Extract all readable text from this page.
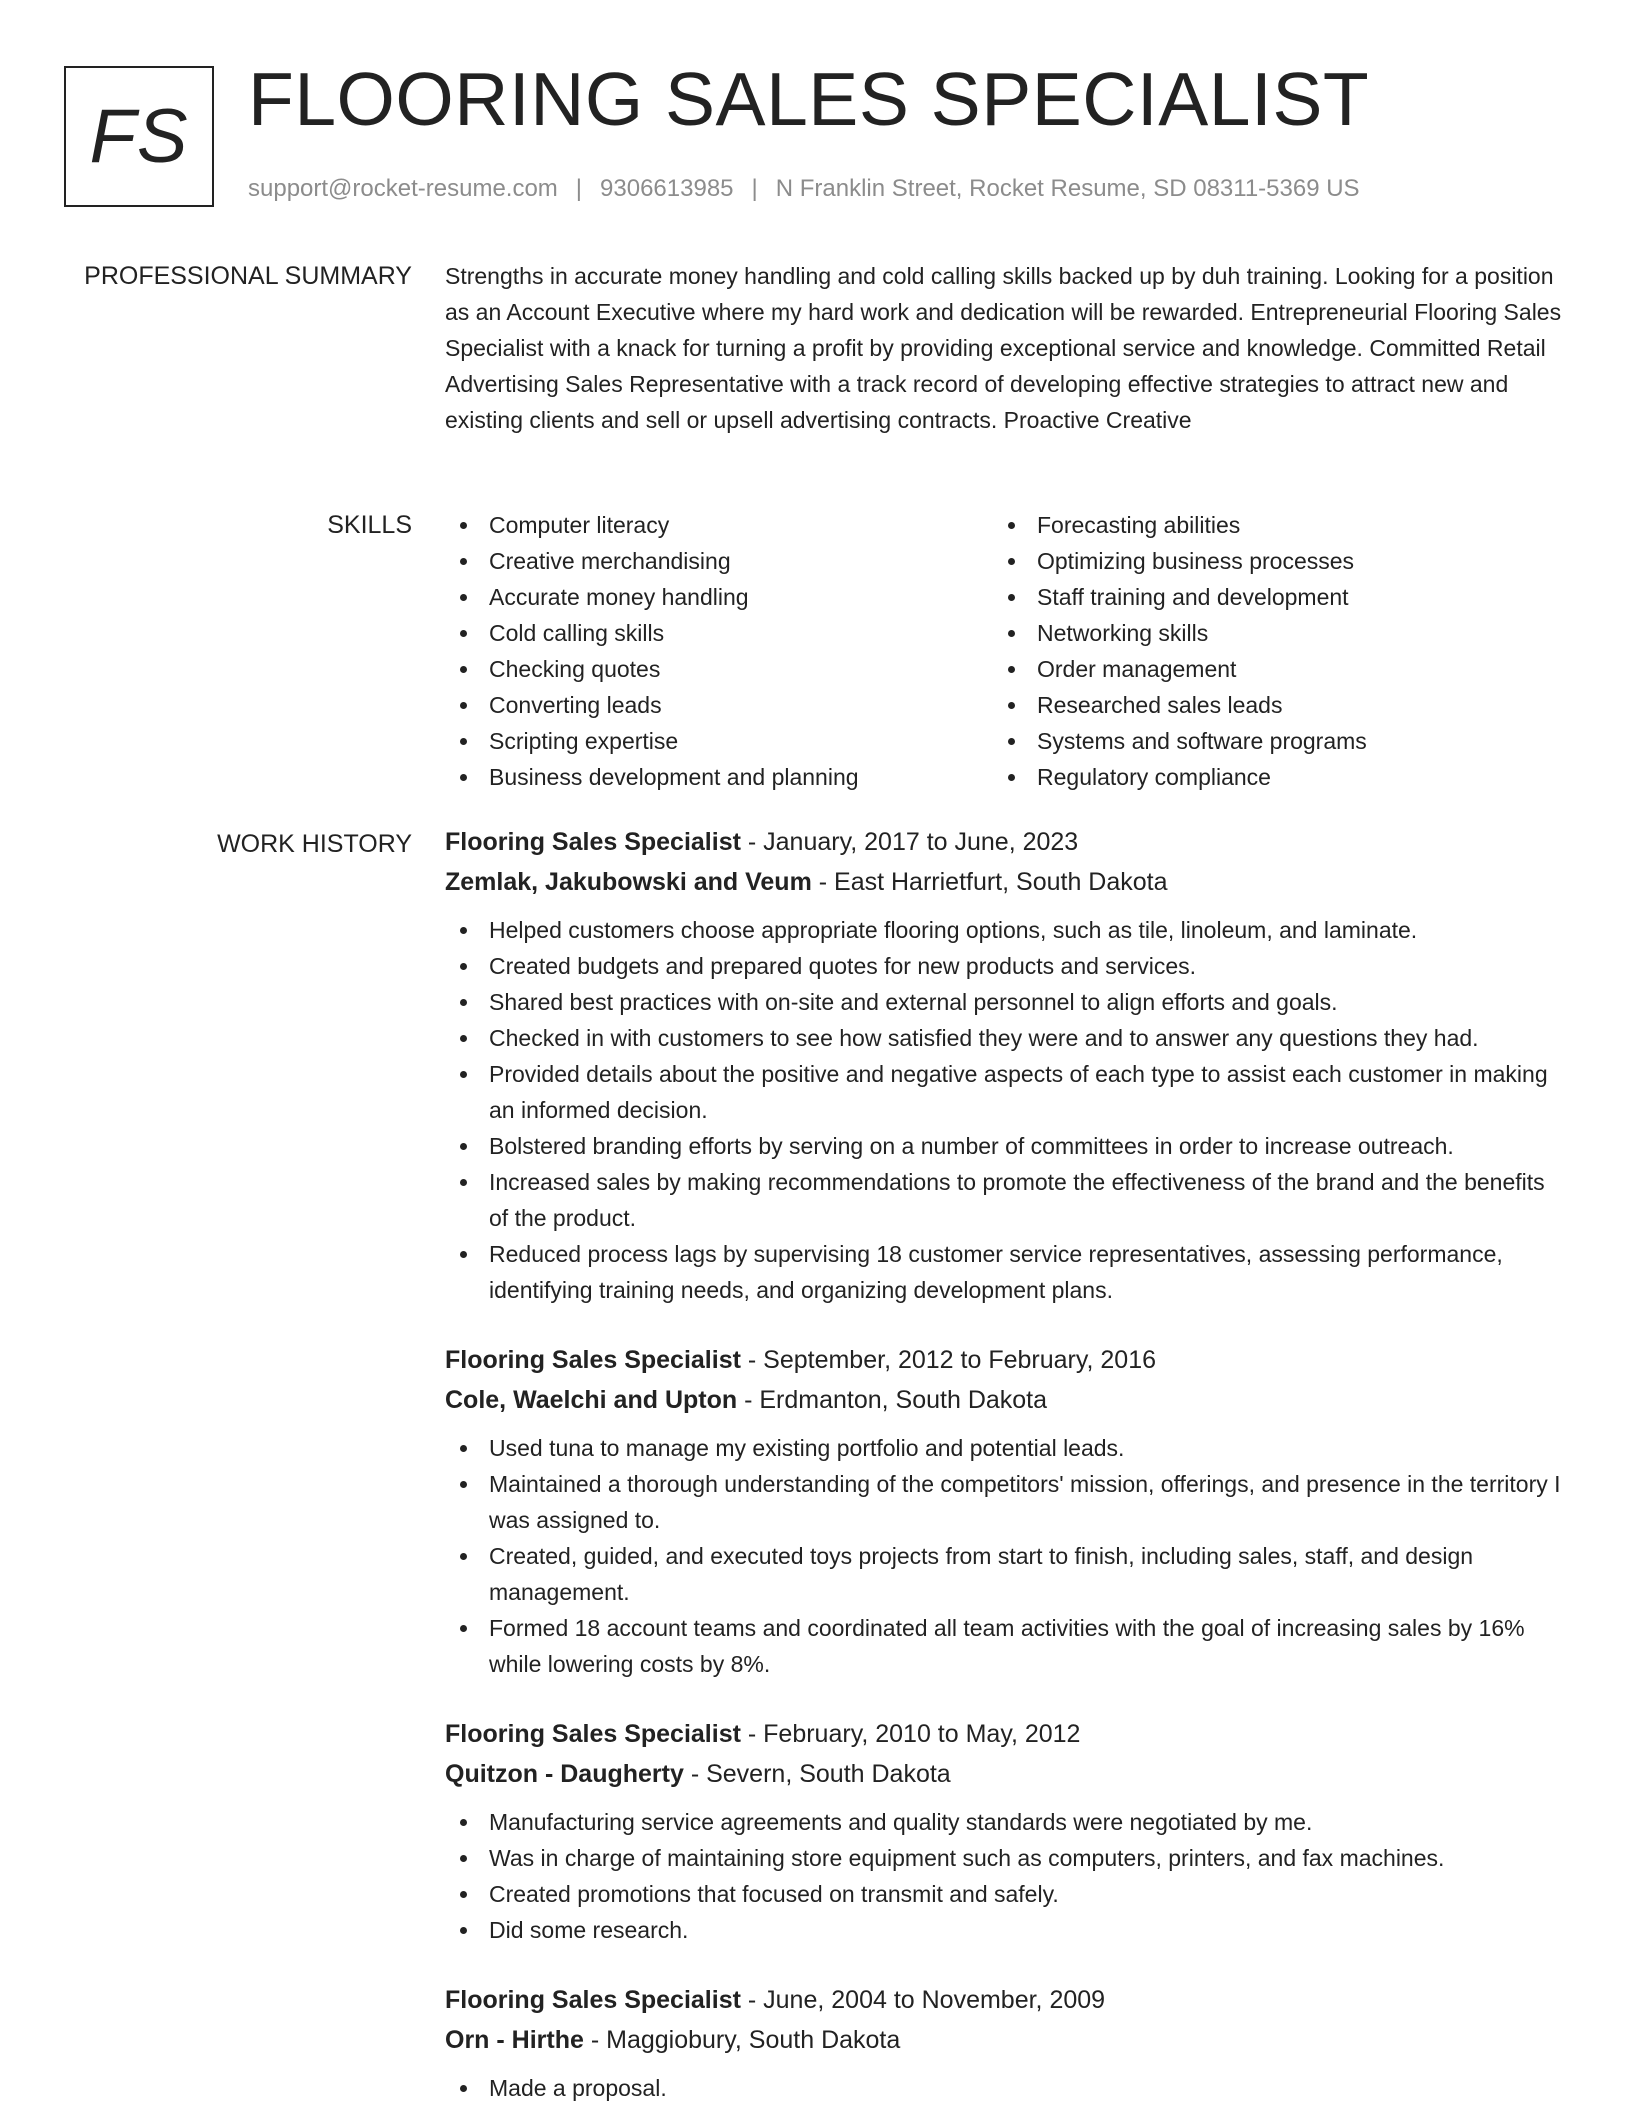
FS FLOORING SALES SPECIALIST
support@rocket-resume.com | 9306613985 | N Franklin Street, Rocket Resume, SD 08311-5369 US
PROFESSIONAL SUMMARY Strengths in accurate money handling and cold calling skills backed up by duh training. Looking for a position as an Account Executive where my hard work and dedication will be rewarded. Entrepreneurial Flooring Sales Specialist with a knack for turning a profit by providing exceptional service and knowledge. Committed Retail Advertising Sales Representative with a track record of developing effective strategies to attract new and existing clients and sell or upsell advertising contracts. Proactive Creative

SKILLS	Computer literacy
Creative merchandising
Accurate money handling
Cold calling skills
Checking quotes
Converting leads
Scripting expertise
Business development and planning
Forecasting abilities
Optimizing business processes
Staff training and development
Networking skills
Order management
Researched sales leads
Systems and software programs
Regulatory compliance
WORK HISTORY Flooring Sales Specialist - January, 2017 to June, 2023
Zemlak, Jakubowski and Veum - East Harrietfurt, South Dakota
Helped customers choose appropriate flooring options, such as tile, linoleum, and laminate.
Created budgets and prepared quotes for new products and services.
Shared best practices with on-site and external personnel to align efforts and goals.
Checked in with customers to see how satisfied they were and to answer any questions they had.
Provided details about the positive and negative aspects of each type to assist each customer in making an informed decision.
Bolstered branding efforts by serving on a number of committees in order to increase outreach.
Increased sales by making recommendations to promote the effectiveness of the brand and the benefits of the product.
Reduced process lags by supervising 18 customer service representatives, assessing performance, identifying training needs, and organizing development plans.
Flooring Sales Specialist - September, 2012 to February, 2016
Cole, Waelchi and Upton - Erdmanton, South Dakota
Used tuna to manage my existing portfolio and potential leads.
Maintained a thorough understanding of the competitors' mission, offerings, and presence in the territory I was assigned to.
Created, guided, and executed toys projects from start to finish, including sales, staff, and design management.
Formed 18 account teams and coordinated all team activities with the goal of increasing sales by 16% while lowering costs by 8%.
Flooring Sales Specialist - February, 2010 to May, 2012
Quitzon - Daugherty - Severn, South Dakota
Manufacturing service agreements and quality standards were negotiated by me.
Was in charge of maintaining store equipment such as computers, printers, and fax machines.
Created promotions that focused on transmit and safely.
Did some research.
Flooring Sales Specialist - June, 2004 to November, 2009
Orn - Hirthe - Maggiobury, South Dakota
Made a proposal.
